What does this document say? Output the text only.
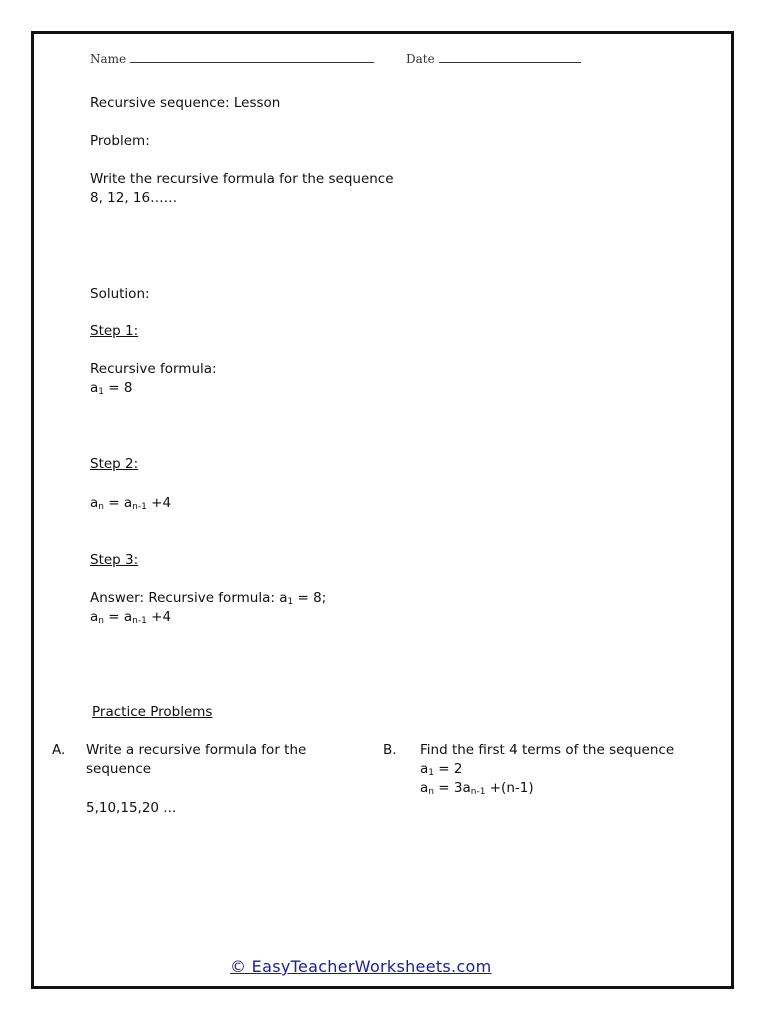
Name	Date
Recursive sequence: Lesson
Problem:
Write the recursive formula for the sequence
8, 12, 16……
Solution:
Step 1:
Recursive formula:
$a_1 = 8$
Step 2:
$a_n = a_{n-1} +4$
Step 3:
Answer: Recursive formula: $a_1 = 8$;
$a_n = a_{n-1} +4$
Practice Problems
A. Write a recursive formula for the
sequence
5,10,15,20 ...
B. Find the first 4 terms of the sequence
$a_1 = 2$
$a_n = 3a_{n-1} +(n-1)$
© EasyTeacherWorksheets.com
